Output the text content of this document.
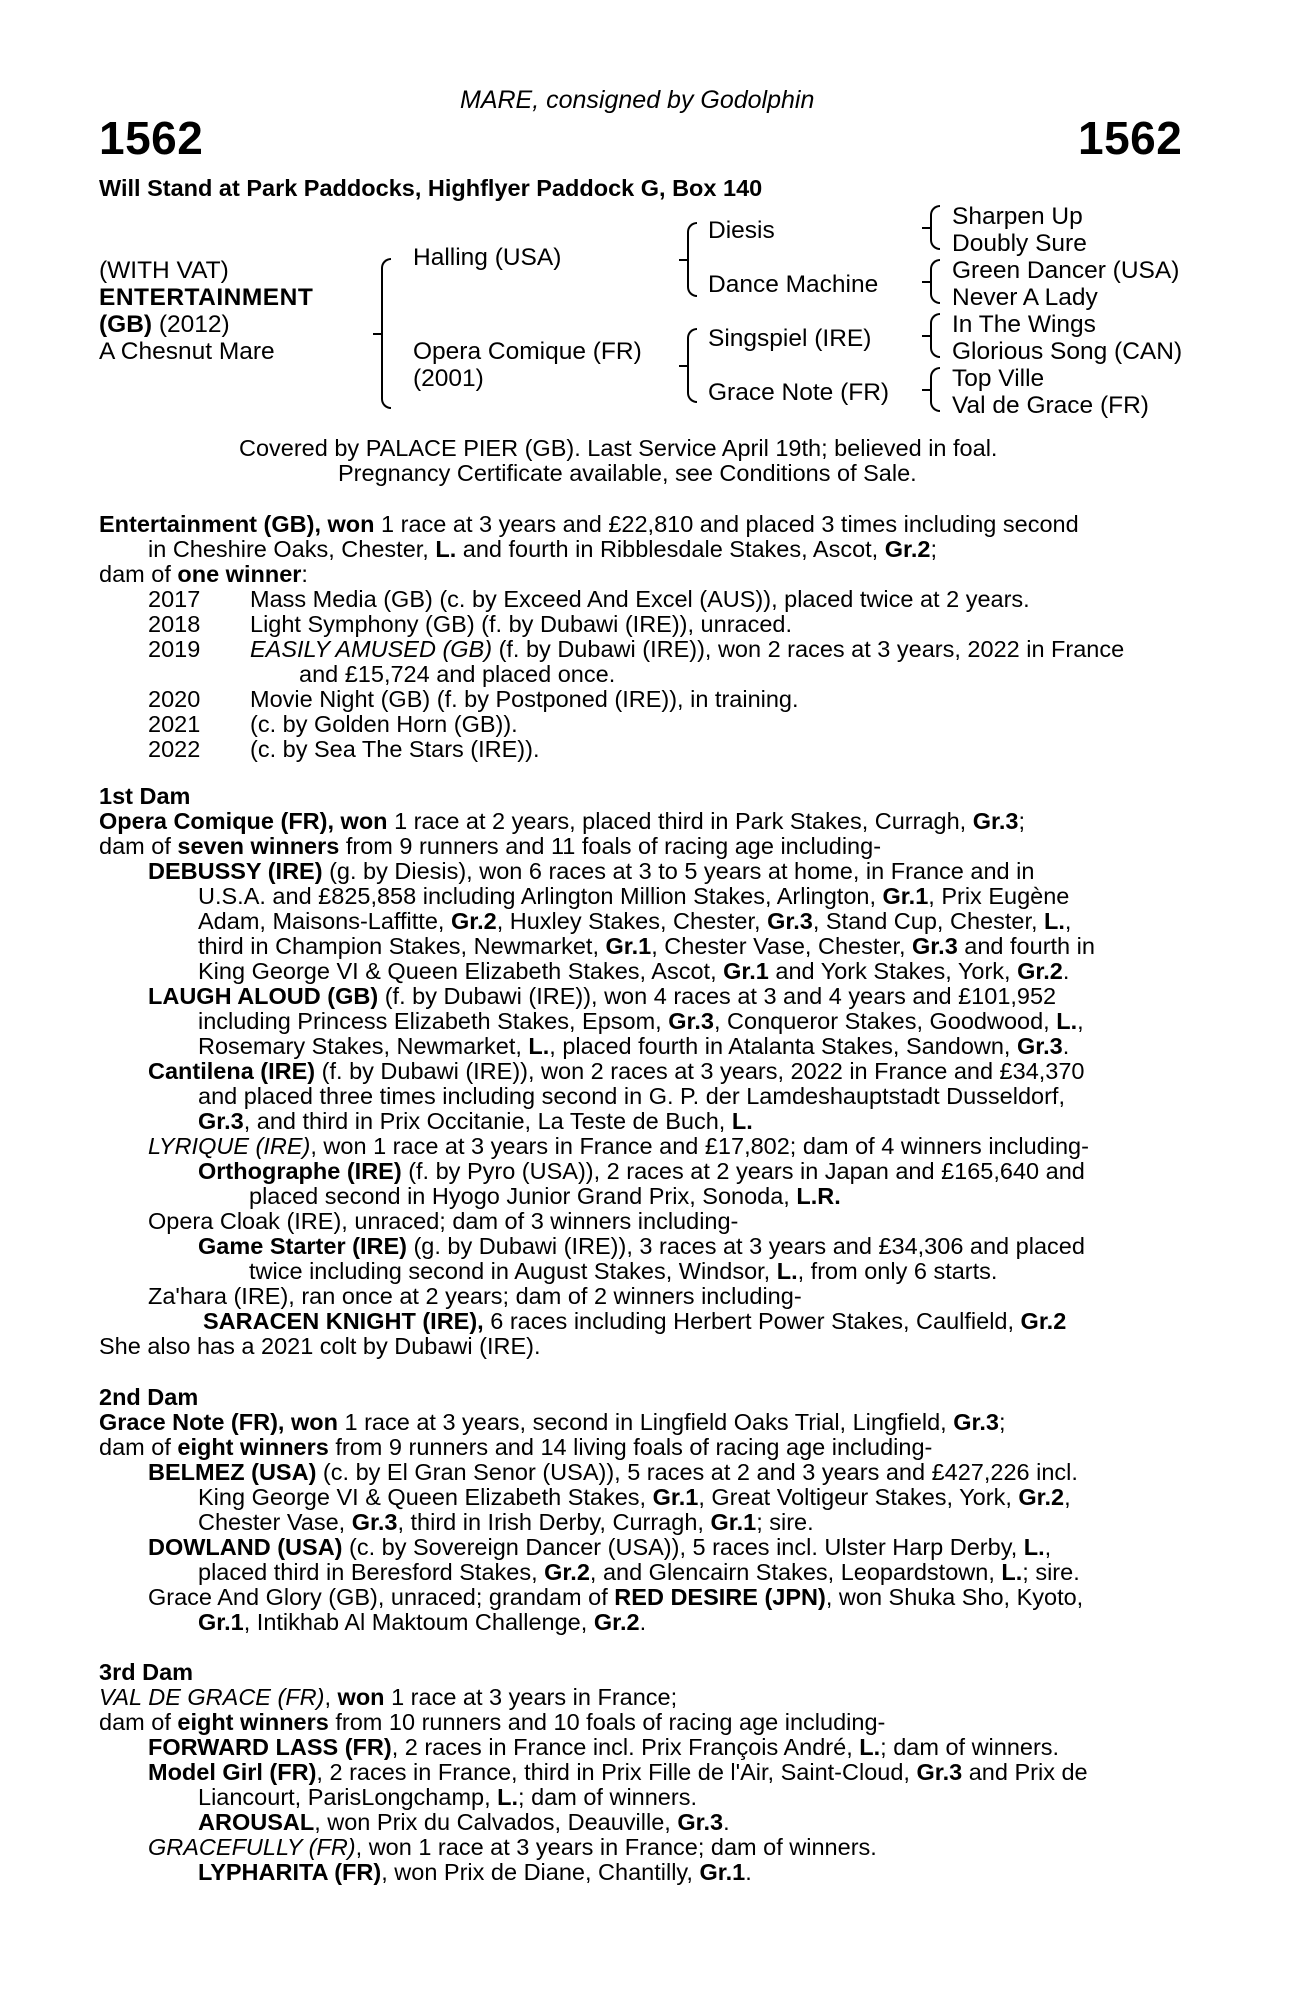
MARE, consigned by Godolphin
1562	1562
Will Stand at Park Paddocks, Highflyer Paddock G, Box 140
(WITH VAT)
ENTERTAINMENT
(GB) (2012)
A Chesnut Mare
Halling (USA)
Opera Comique (FR)
(2001)
Diesis
Dance Machine
Singspiel (IRE)
Grace Note (FR)
Sharpen Up
Doubly Sure
Green Dancer (USA)
Never A Lady
In The Wings
Glorious Song (CAN)
Top Ville
Val de Grace (FR)
Covered by PALACE PIER (GB). Last Service April 19th; believed in foal.
Pregnancy Certificate available, see Conditions of Sale.
Entertainment (GB), won 1 race at 3 years and £22,810 and placed 3 times including second
in Cheshire Oaks, Chester, L. and fourth in Ribblesdale Stakes, Ascot, Gr.2;
dam of one winner:
2017 Mass Media (GB) (c. by Exceed And Excel (AUS)), placed twice at 2 years.
2018 Light Symphony (GB) (f. by Dubawi (IRE)), unraced.
2019 EASILY AMUSED (GB) (f. by Dubawi (IRE)), won 2 races at 3 years, 2022 in France
and £15,724 and placed once.
2020 Movie Night (GB) (f. by Postponed (IRE)), in training.
2021 (c. by Golden Horn (GB)).
2022 (c. by Sea The Stars (IRE)).
1st Dam
Opera Comique (FR), won 1 race at 2 years, placed third in Park Stakes, Curragh, Gr.3;
dam of seven winners from 9 runners and 11 foals of racing age including-
DEBUSSY (IRE) (g. by Diesis), won 6 races at 3 to 5 years at home, in France and in
U.S.A. and £825,858 including Arlington Million Stakes, Arlington, Gr.1, Prix Eugène
Adam, Maisons-Laffitte, Gr.2, Huxley Stakes, Chester, Gr.3, Stand Cup, Chester, L.,
third in Champion Stakes, Newmarket, Gr.1, Chester Vase, Chester, Gr.3 and fourth in
King George VI & Queen Elizabeth Stakes, Ascot, Gr.1 and York Stakes, York, Gr.2.
LAUGH ALOUD (GB) (f. by Dubawi (IRE)), won 4 races at 3 and 4 years and £101,952
including Princess Elizabeth Stakes, Epsom, Gr.3, Conqueror Stakes, Goodwood, L.,
Rosemary Stakes, Newmarket, L., placed fourth in Atalanta Stakes, Sandown, Gr.3.
Cantilena (IRE) (f. by Dubawi (IRE)), won 2 races at 3 years, 2022 in France and £34,370
and placed three times including second in G. P. der Lamdeshauptstadt Dusseldorf,
Gr.3, and third in Prix Occitanie, La Teste de Buch, L.
LYRIQUE (IRE), won 1 race at 3 years in France and £17,802; dam of 4 winners including-
Orthographe (IRE) (f. by Pyro (USA)), 2 races at 2 years in Japan and £165,640 and
placed second in Hyogo Junior Grand Prix, Sonoda, L.R.
Opera Cloak (IRE), unraced; dam of 3 winners including-
Game Starter (IRE) (g. by Dubawi (IRE)), 3 races at 3 years and £34,306 and placed
twice including second in August Stakes, Windsor, L., from only 6 starts.
Za'hara (IRE), ran once at 2 years; dam of 2 winners including-
SARACEN KNIGHT (IRE), 6 races including Herbert Power Stakes, Caulfield, Gr.2
She also has a 2021 colt by Dubawi (IRE).
2nd Dam
Grace Note (FR), won 1 race at 3 years, second in Lingfield Oaks Trial, Lingfield, Gr.3;
dam of eight winners from 9 runners and 14 living foals of racing age including-
BELMEZ (USA) (c. by El Gran Senor (USA)), 5 races at 2 and 3 years and £427,226 incl.
King George VI & Queen Elizabeth Stakes, Gr.1, Great Voltigeur Stakes, York, Gr.2,
Chester Vase, Gr.3, third in Irish Derby, Curragh, Gr.1; sire.
DOWLAND (USA) (c. by Sovereign Dancer (USA)), 5 races incl. Ulster Harp Derby, L.,
placed third in Beresford Stakes, Gr.2, and Glencairn Stakes, Leopardstown, L.; sire.
Grace And Glory (GB), unraced; grandam of RED DESIRE (JPN), won Shuka Sho, Kyoto,
Gr.1, Intikhab Al Maktoum Challenge, Gr.2.
3rd Dam
VAL DE GRACE (FR), won 1 race at 3 years in France;
dam of eight winners from 10 runners and 10 foals of racing age including-
FORWARD LASS (FR), 2 races in France incl. Prix François André, L.; dam of winners.
Model Girl (FR), 2 races in France, third in Prix Fille de l'Air, Saint-Cloud, Gr.3 and Prix de
Liancourt, ParisLongchamp, L.; dam of winners.
AROUSAL, won Prix du Calvados, Deauville, Gr.3.
GRACEFULLY (FR), won 1 race at 3 years in France; dam of winners.
LYPHARITA (FR), won Prix de Diane, Chantilly, Gr.1.
